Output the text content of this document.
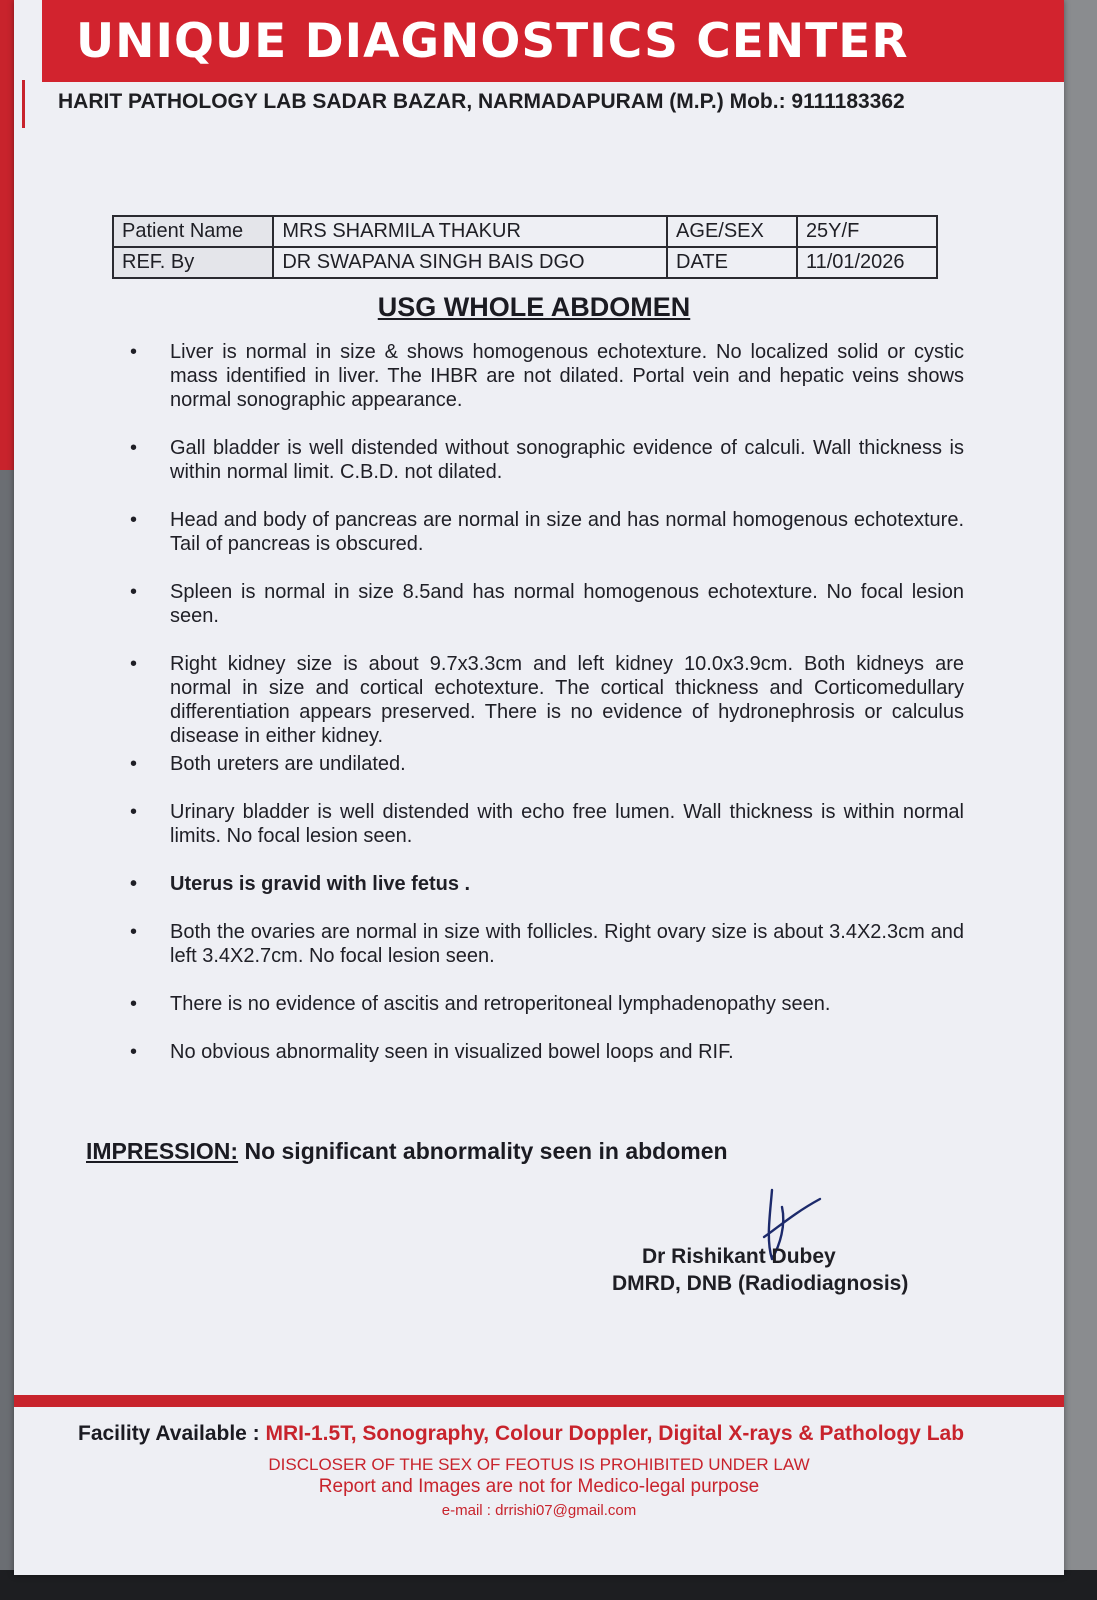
UNIQUE DIAGNOSTICS CENTER
HARIT PATHOLOGY LAB SADAR BAZAR, NARMADAPURAM (M.P.) Mob.: 9111183362
Patient Name	MRS SHARMILA THAKUR	AGE/SEX	25Y/F
REF. By	DR SWAPANA SINGH BAIS DGO	DATE	11/01/2026
USG WHOLE ABDOMEN
• Liver is normal in size & shows homogenous echotexture. No localized solid or cystic mass identified in liver. The IHBR are not dilated. Portal vein and hepatic veins shows normal sonographic appearance.
• Gall bladder is well distended without sonographic evidence of calculi. Wall thickness is within normal limit. C.B.D. not dilated.
• Head and body of pancreas are normal in size and has normal homogenous echotexture. Tail of pancreas is obscured.
• Spleen is normal in size 8.5and has normal homogenous echotexture. No focal lesion seen.
• Right kidney size is about 9.7x3.3cm and left kidney 10.0x3.9cm. Both kidneys are normal in size and cortical echotexture. The cortical thickness and Corticomedullary differentiation appears preserved. There is no evidence of hydronephrosis or calculus disease in either kidney.
• Both ureters are undilated.
• Urinary bladder is well distended with echo free lumen. Wall thickness is within normal limits. No focal lesion seen.
• Uterus is gravid with live fetus .
• Both the ovaries are normal in size with follicles. Right ovary size is about 3.4X2.3cm and left 3.4X2.7cm. No focal lesion seen.
• There is no evidence of ascitis and retroperitoneal lymphadenopathy seen.
• No obvious abnormality seen in visualized bowel loops and RIF.
IMPRESSION: No significant abnormality seen in abdomen
Dr Rishikant Dubey
DMRD, DNB (Radiodiagnosis)
Facility Available : MRI-1.5T, Sonography, Colour Doppler, Digital X-rays & Pathology Lab
DISCLOSER OF THE SEX OF FEOTUS IS PROHIBITED UNDER LAW
Report and Images are not for Medico-legal purpose
e-mail : drrishi07@gmail.com
